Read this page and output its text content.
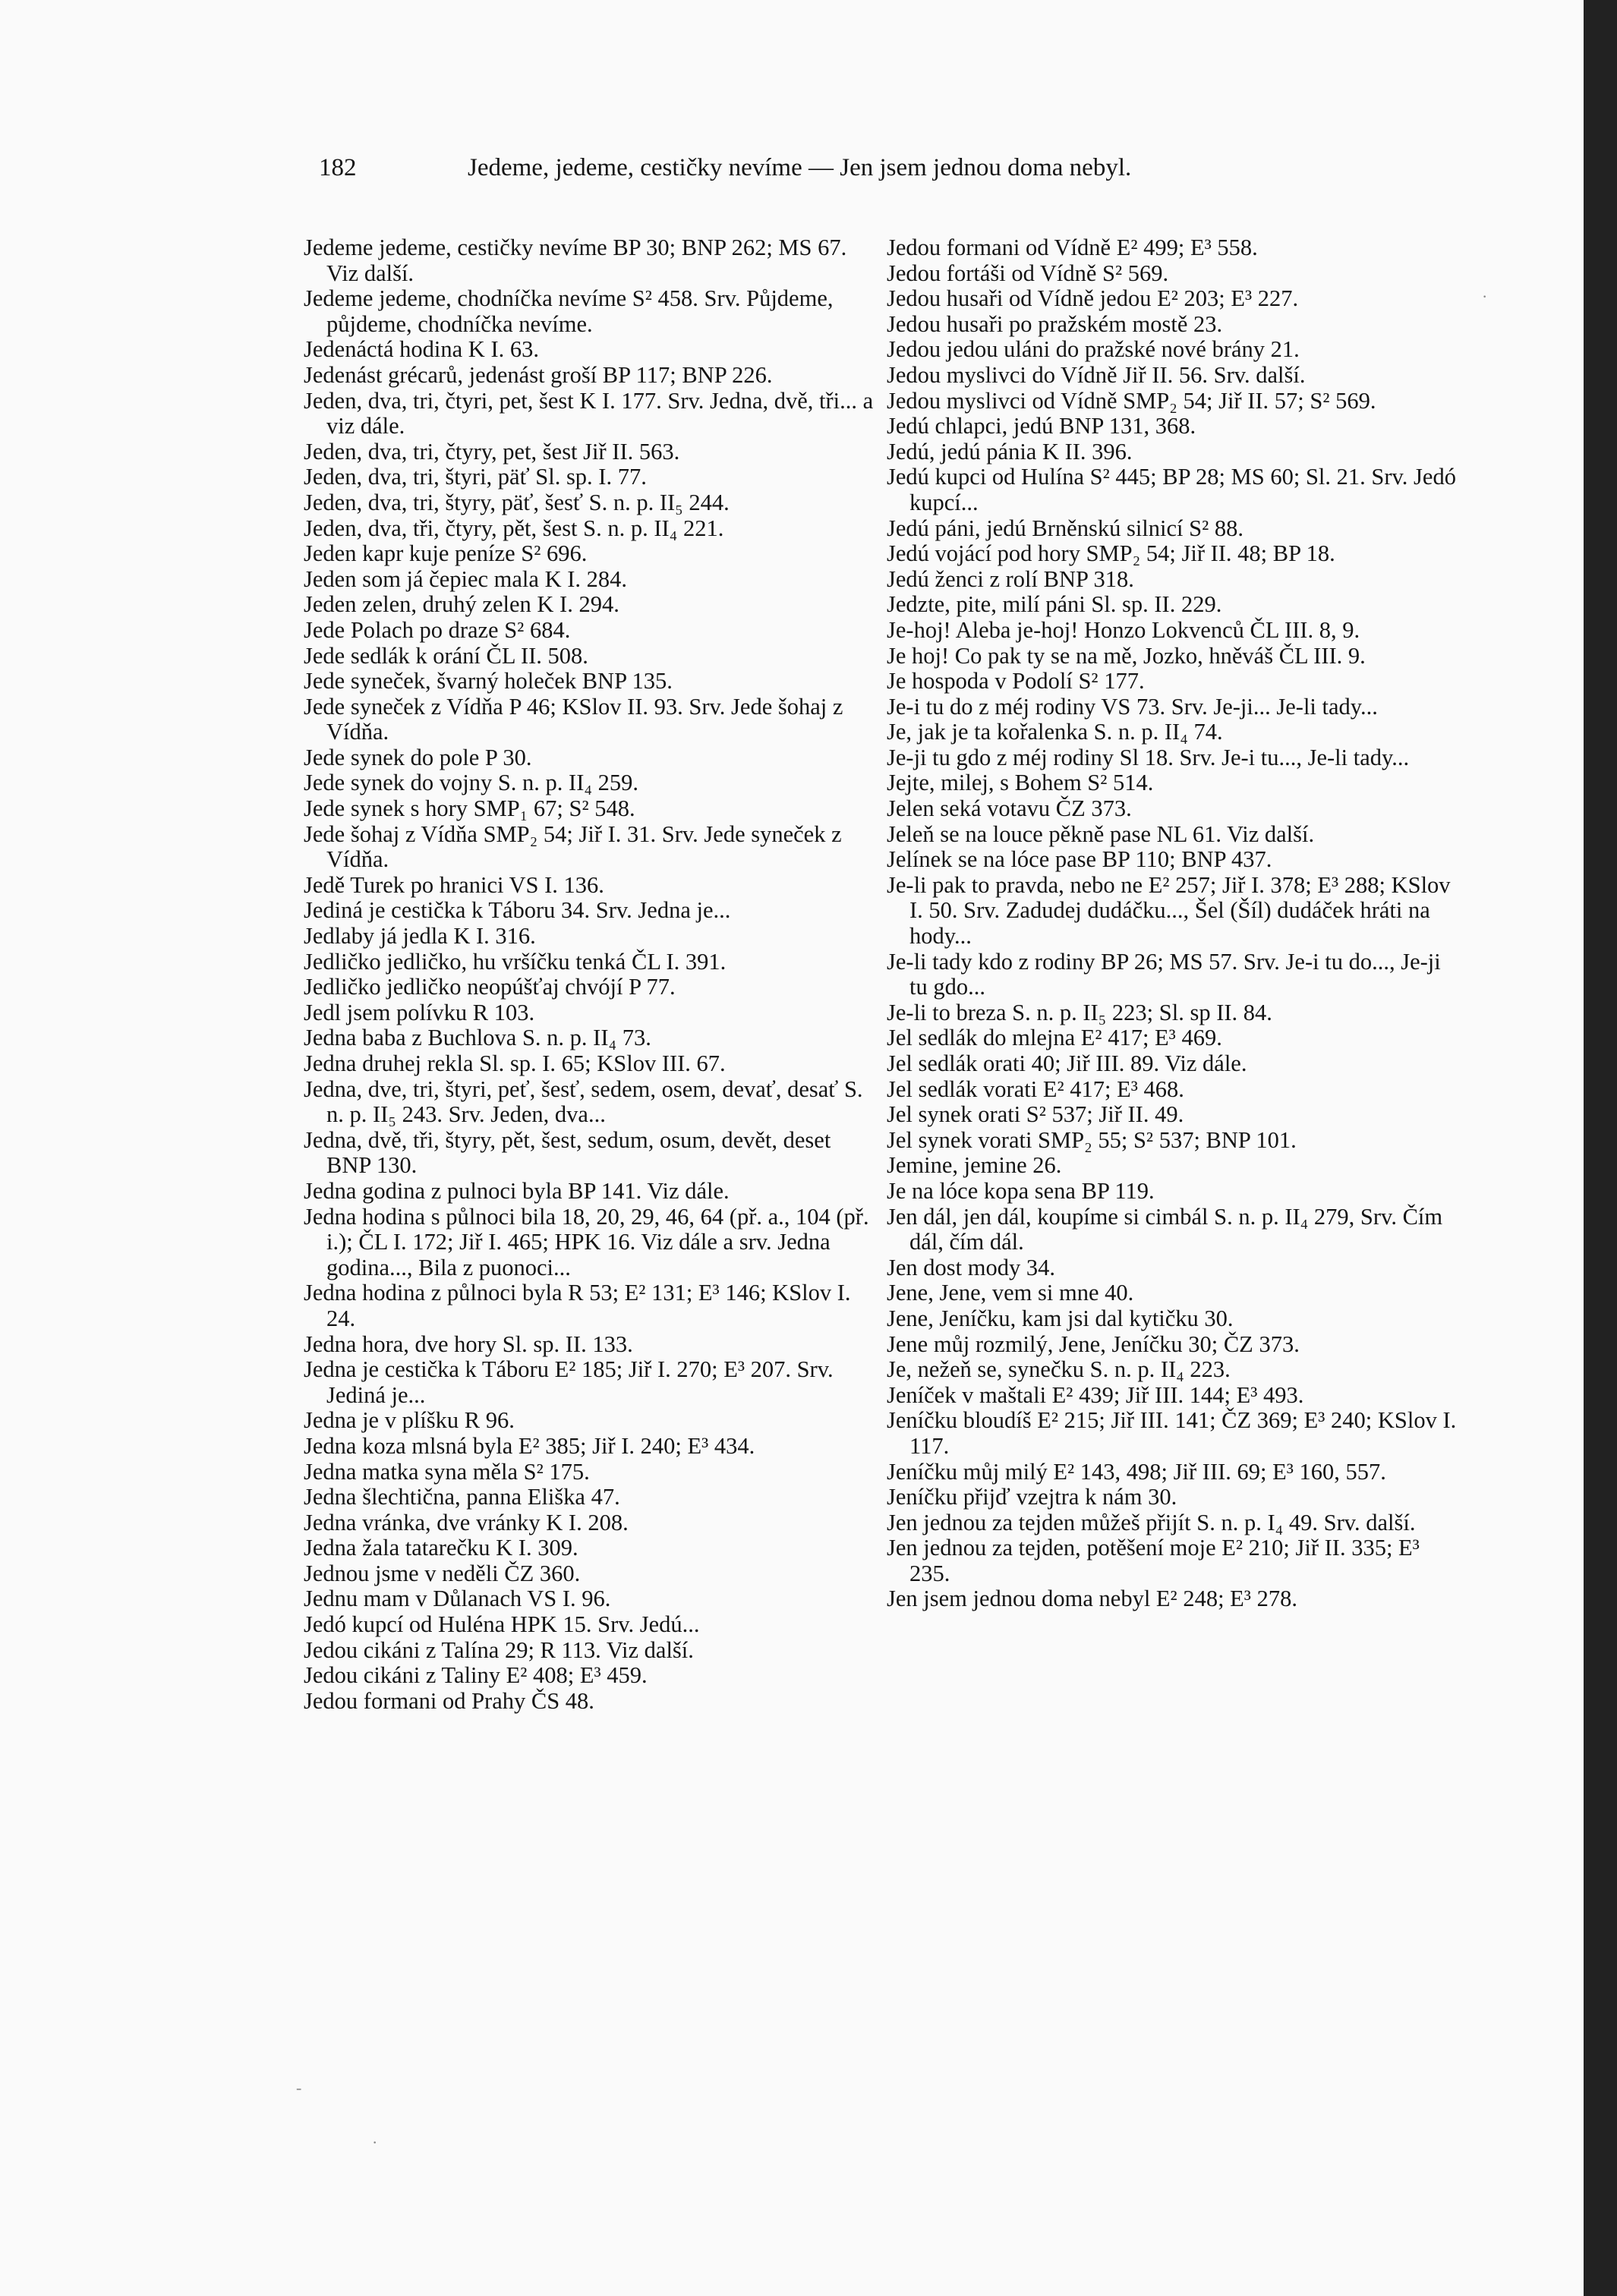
182	Jedeme, jedeme, cestičky nevíme — Jen jsem jednou doma nebyl.

Jedeme jedeme, cestičky nevíme BP 30; BNP 262; MS 67. Viz další.

Jedeme jedeme, chodníčka nevíme S² 458. Srv. Půjdeme, půjdeme, chodníčka nevíme.

Jedenáctá hodina K I. 63.

Jedenást grécarů, jedenást groší BP 117; BNP 226.

Jeden, dva, tri, čtyri, pet, šest K I. 177. Srv. Jedna, dvě, tři... a viz dále.

Jeden, dva, tri, čtyry, pet, šest Jiř II. 563.

Jeden, dva, tri, štyri, päť Sl. sp. I. 77.

Jeden, dva, tri, štyry, päť, šesť S. n. p. II₅ 244.

Jeden, dva, tři, čtyry, pět, šest S. n. p. II₄ 221.

Jeden kapr kuje peníze S² 696.

Jeden som já čepiec mala K I. 284.

Jeden zelen, druhý zelen K I. 294.

Jede Polach po draze S² 684.

Jede sedlák k orání ČL II. 508.

Jede syneček, švarný holeček BNP 135.

Jede syneček z Vídňa P 46; KSlov II. 93. Srv. Jede šohaj z Vídňa.

Jede synek do pole P 30.

Jede synek do vojny S. n. p. II₄ 259.

Jede synek s hory SMP₁ 67; S² 548.

Jede šohaj z Vídňa SMP₂ 54; Jiř I. 31. Srv. Jede syneček z Vídňa.

Jedě Turek po hranici VS I. 136.

Jediná je cestička k Táboru 34. Srv. Jedna je...

Jedlaby já jedla K I. 316.

Jedličko jedličko, hu vršíčku tenká ČL I. 391.

Jedličko jedličko neopúšťaj chvójí P 77.

Jedl jsem polívku R 103.

Jedna baba z Buchlova S. n. p. II₄ 73.

Jedna druhej rekla Sl. sp. I. 65; KSlov III. 67.

Jedna, dve, tri, štyri, peť, šesť, sedem, osem, devať, desať S. n. p. II₅ 243. Srv. Jeden, dva...

Jedna, dvě, tři, štyry, pět, šest, sedum, osum, devět, deset BNP 130.

Jedna godina z pulnoci byla BP 141. Viz dále.

Jedna hodina s půlnoci bila 18, 20, 29, 46, 64 (př. a., 104 (př. i.); ČL I. 172; Jiř I. 465; HPK 16. Viz dále a srv. Jedna godina..., Bila z puonoci...

Jedna hodina z půlnoci byla R 53; E² 131; E³ 146; KSlov I. 24.

Jedna hora, dve hory Sl. sp. II. 133.

Jedna je cestička k Táboru E² 185; Jiř I. 270; E³ 207. Srv. Jediná je...

Jedna je v plíšku R 96.

Jedna koza mlsná byla E² 385; Jiř I. 240; E³ 434.

Jedna matka syna měla S² 175.

Jedna šlechtična, panna Eliška 47.

Jedna vránka, dve vránky K I. 208.

Jedna žala tatarečku K I. 309.

Jednou jsme v neděli ČZ 360.

Jednu mam v Důlanach VS I. 96.

Jedó kupcí od Huléna HPK 15. Srv. Jedú...

Jedou cikáni z Talína 29; R 113. Viz další.

Jedou cikáni z Taliny E² 408; E³ 459.

Jedou formani od Prahy ČS 48.

Jedou formani od Vídně E² 499; E³ 558.

Jedou fortáši od Vídně S² 569.

Jedou husaři od Vídně jedou E² 203; E³ 227.

Jedou husaři po pražském mostě 23.

Jedou jedou uláni do pražské nové brány 21.

Jedou myslivci do Vídně Jiř II. 56. Srv. další.

Jedou myslivci od Vídně SMP₂ 54; Jiř II. 57; S² 569.

Jedú chlapci, jedú BNP 131, 368.

Jedú, jedú pánia K II. 396.

Jedú kupci od Hulína S² 445; BP 28; MS 60; Sl. 21. Srv. Jedó kupcí...

Jedú páni, jedú Brněnskú silnicí S² 88.

Jedú vojácí pod hory SMP₂ 54; Jiř II. 48; BP 18.

Jedú ženci z rolí BNP 318.

Jedzte, pite, milí páni Sl. sp. II. 229.

Je-hoj! Aleba je-hoj! Honzo Lokvenců ČL III. 8, 9.

Je hoj! Co pak ty se na mě, Jozko, hněváš ČL III. 9.

Je hospoda v Podolí S² 177.

Je-i tu do z méj rodiny VS 73. Srv. Je-ji... Je-li tady...

Je, jak je ta kořalenka S. n. p. II₄ 74.

Je-ji tu gdo z méj rodiny Sl 18. Srv. Je-i tu..., Je-li tady...

Jejte, milej, s Bohem S² 514.

Jelen seká votavu ČZ 373.

Jeleň se na louce pěkně pase NL 61. Viz další.

Jelínek se na lóce pase BP 110; BNP 437.

Je-li pak to pravda, nebo ne E² 257; Jiř I. 378; E³ 288; KSlov I. 50. Srv. Zadudej dudáčku..., Šel (Šíl) dudáček hráti na hody...

Je-li tady kdo z rodiny BP 26; MS 57. Srv. Je-i tu do..., Je-ji tu gdo...

Je-li to breza S. n. p. II₅ 223; Sl. sp II. 84.

Jel sedlák do mlejna E² 417; E³ 469.

Jel sedlák orati 40; Jiř III. 89. Viz dále.

Jel sedlák vorati E² 417; E³ 468.

Jel synek orati S² 537; Jiř II. 49.

Jel synek vorati SMP₂ 55; S² 537; BNP 101.

Jemine, jemine 26.

Je na lóce kopa sena BP 119.

Jen dál, jen dál, koupíme si cimbál S. n. p. II₄ 279, Srv. Čím dál, čím dál.

Jen dost mody 34.

Jene, Jene, vem si mne 40.

Jene, Jeníčku, kam jsi dal kytičku 30.

Jene můj rozmilý, Jene, Jeníčku 30; ČZ 373.

Je, nežeň se, synečku S. n. p. II₄ 223.

Jeníček v maštali E² 439; Jiř III. 144; E³ 493.

Jeníčku bloudíš E² 215; Jiř III. 141; ČZ 369; E³ 240; KSlov I. 117.

Jeníčku můj milý E² 143, 498; Jiř III. 69; E³ 160, 557.

Jeníčku přijď vzejtra k nám 30.

Jen jednou za tejden můžeš přijít S. n. p. I₄ 49. Srv. další.

Jen jednou za tejden, potěšení moje E² 210; Jiř II. 335; E³ 235.

Jen jsem jednou doma nebyl E² 248; E³ 278.

·
-
·
